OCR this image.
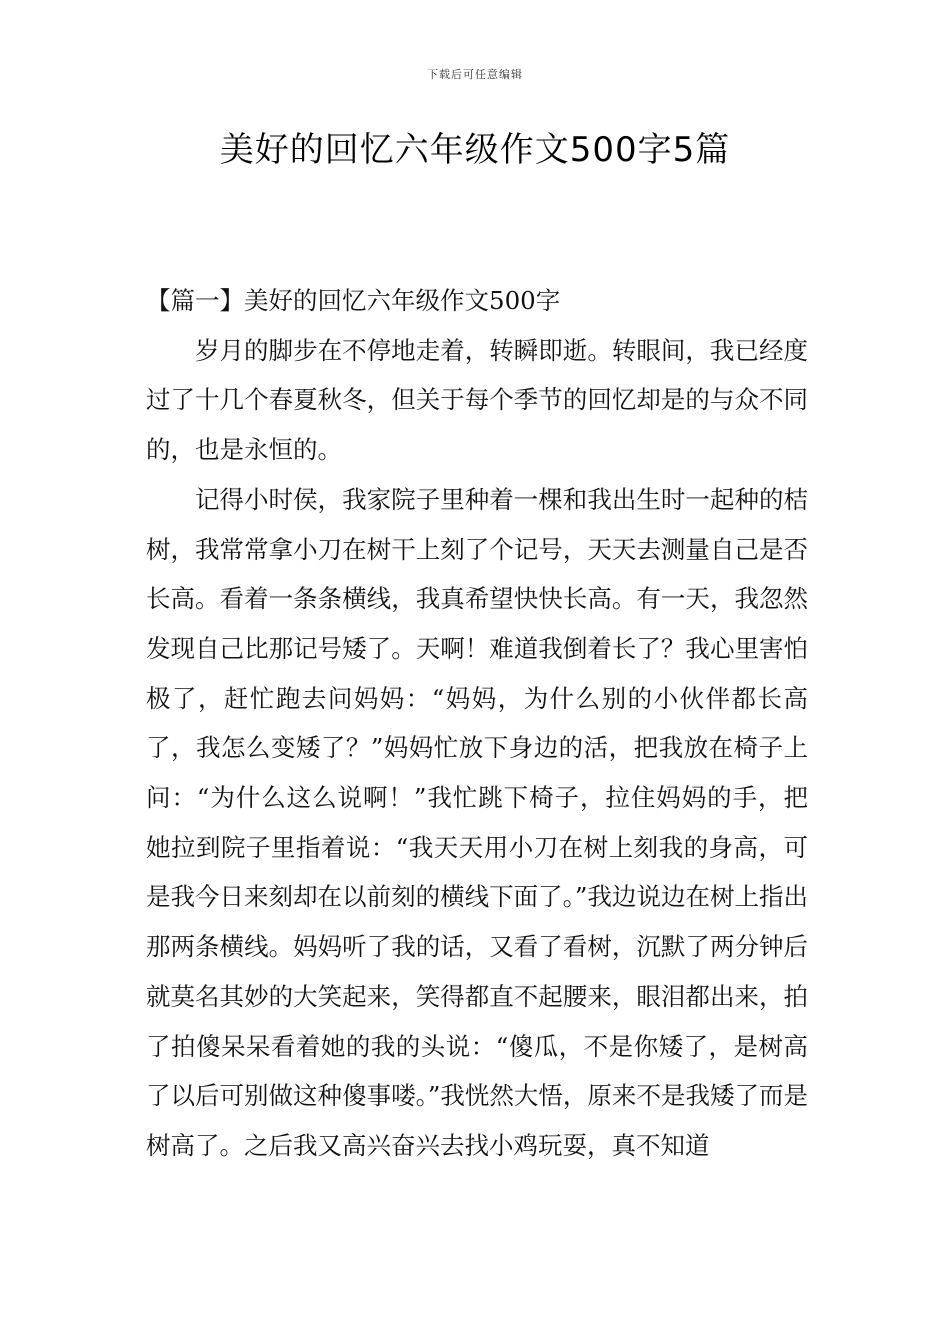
下载后可任意编辑
美好的回忆六年级作文500字5篇

【篇一】美好的回忆六年级作文500字

岁月的脚步在不停地走着，转瞬即逝。转眼间，我已经度过了十几个春夏秋冬，但关于每个季节的回忆却是的与众不同的，也是永恒的。

记得小时侯，我家院子里种着一棵和我出生时一起种的桔树，我常常拿小刀在树干上刻了个记号，天天去测量自己是否长高。看着一条条横线，我真希望快快长高。有一天，我忽然发现自己比那记号矮了。天啊！难道我倒着长了？我心里害怕极了，赶忙跑去问妈妈：“妈妈，为什么别的小伙伴都长高了，我怎么变矮了？”妈妈忙放下身边的活，把我放在椅子上问：“为什么这么说啊！”我忙跳下椅子，拉住妈妈的手，把她拉到院子里指着说：“我天天用小刀在树上刻我的身高，可是我今日来刻却在以前刻的横线下面了。”我边说边在树上指出那两条横线。妈妈听了我的话，又看了看树，沉默了两分钟后就莫名其妙的大笑起来，笑得都直不起腰来，眼泪都出来，拍了拍傻呆呆看着她的我的头说：“傻瓜，不是你矮了，是树高了以后可别做这种傻事喽。”我恍然大悟，原来不是我矮了而是树高了。之后我又高兴奋兴去找小鸡玩耍，真不知道
